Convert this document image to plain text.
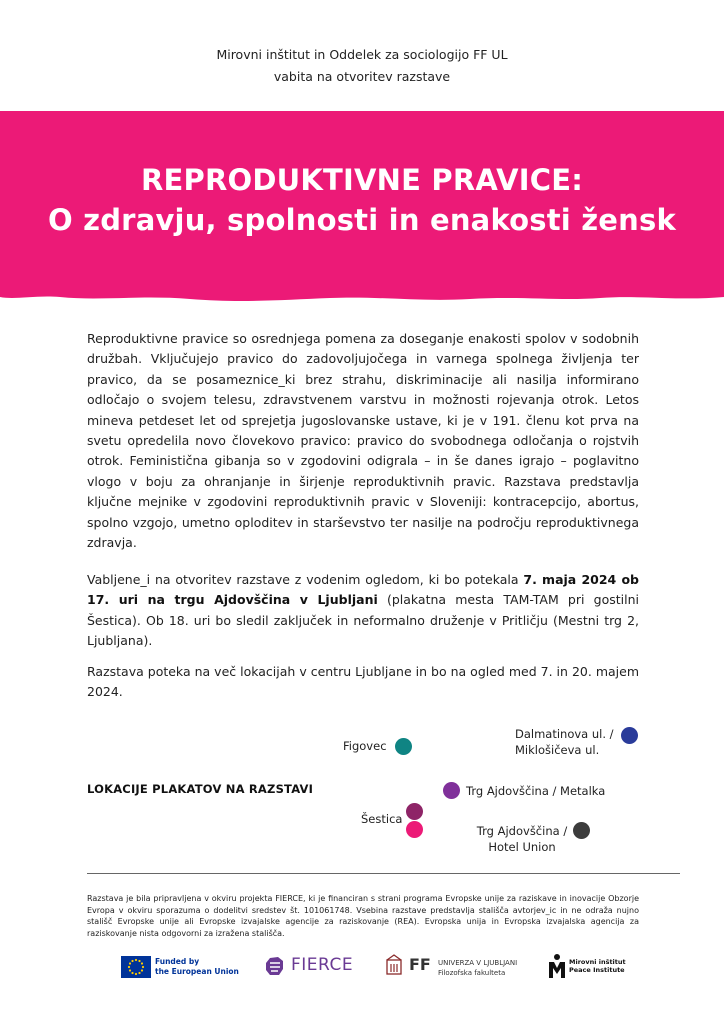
Mirovni inštitut in Oddelek za sociologijo FF UL
vabita na otvoritev razstave
REPRODUKTIVNE PRAVICE:
O zdravju, spolnosti in enakosti žensk
Reproduktivne pravice so osrednjega pomena za doseganje enakosti spolov v sodobnih družbah. Vključujejo pravico do zadovoljujočega in varnega spolnega življenja ter pravico, da se posameznice_ki brez strahu, diskriminacije ali nasilja informirano odločajo o svojem telesu, zdravstvenem varstvu in možnosti rojevanja otrok. Letos mineva petdeset let od sprejetja jugoslovanske ustave, ki je v 191. členu kot prva na svetu opredelila novo človekovo pravico: pravico do svobodnega odločanja o rojstvih otrok. Feministična gibanja so v zgodovini odigrala – in še danes igrajo – poglavitno vlogo v boju za ohranjanje in širjenje reproduktivnih pravic. Razstava predstavlja ključne mejnike v zgodovini reproduktivnih pravic v Sloveniji: kontracepcijo, abortus, spolno vzgojo, umetno oploditev in starševstvo ter nasilje na področju reproduktivnega zdravja.
Vabljene_i na otvoritev razstave z vodenim ogledom, ki bo potekala 7. maja 2024 ob 17. uri na trgu Ajdovščina v Ljubljani (plakatna mesta TAM-TAM pri gostilni Šestica). Ob 18. uri bo sledil zaključek in neformalno druženje v Pritličju (Mestni trg 2, Ljubljana).
Razstava poteka na več lokacijah v centru Ljubljane in bo na ogled med 7. in 20. majem 2024.
LOKACIJE PLAKATOV NA RAZSTAVI
Figovec
Dalmatinova ul. /
Miklošičeva ul.
Trg Ajdovščina / Metalka
Šestica
Trg Ajdovščina /
Hotel Union
Razstava je bila pripravljena v okviru projekta FIERCE, ki je financiran s strani programa Evropske unije za raziskave in inovacije Obzorje Evropa v okviru sporazuma o dodelitvi sredstev št. 101061748. Vsebina razstave predstavlja stališča avtorjev_ic in ne odraža nujno stališč Evropske unije ali Evropske izvajalske agencije za raziskovanje (REA). Evropska unija in Evropska izvajalska agencija za raziskovanje nista odgovorni za izražena stališča.
Funded by
the European Union	FIERCE	FF UNIVERZA V LJUBLJANI
Filozofska fakulteta
Mirovni inštitut
Peace Institute
